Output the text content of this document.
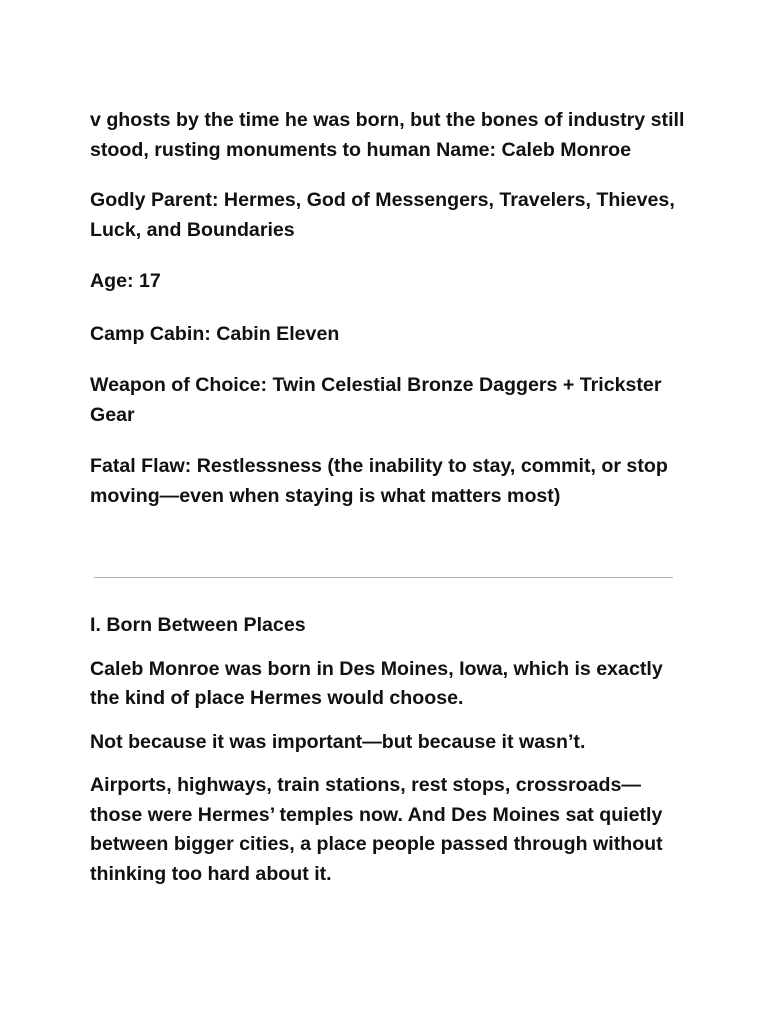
v ghosts by the time he was born, but the bones of industry still stood, rusting monuments to human Name: Caleb Monroe

Godly Parent: Hermes, God of Messengers, Travelers, Thieves, Luck, and Boundaries

Age: 17

Camp Cabin: Cabin Eleven

Weapon of Choice: Twin Celestial Bronze Daggers + Trickster Gear

Fatal Flaw: Restlessness (the inability to stay, commit, or stop moving—even when staying is what matters most)

I. Born Between Places

Caleb Monroe was born in Des Moines, Iowa, which is exactly the kind of place Hermes would choose.

Not because it was important—but because it wasn’t.

Airports, highways, train stations, rest stops, crossroads—those were Hermes’ temples now. And Des Moines sat quietly between bigger cities, a place people passed through without thinking too hard about it.
